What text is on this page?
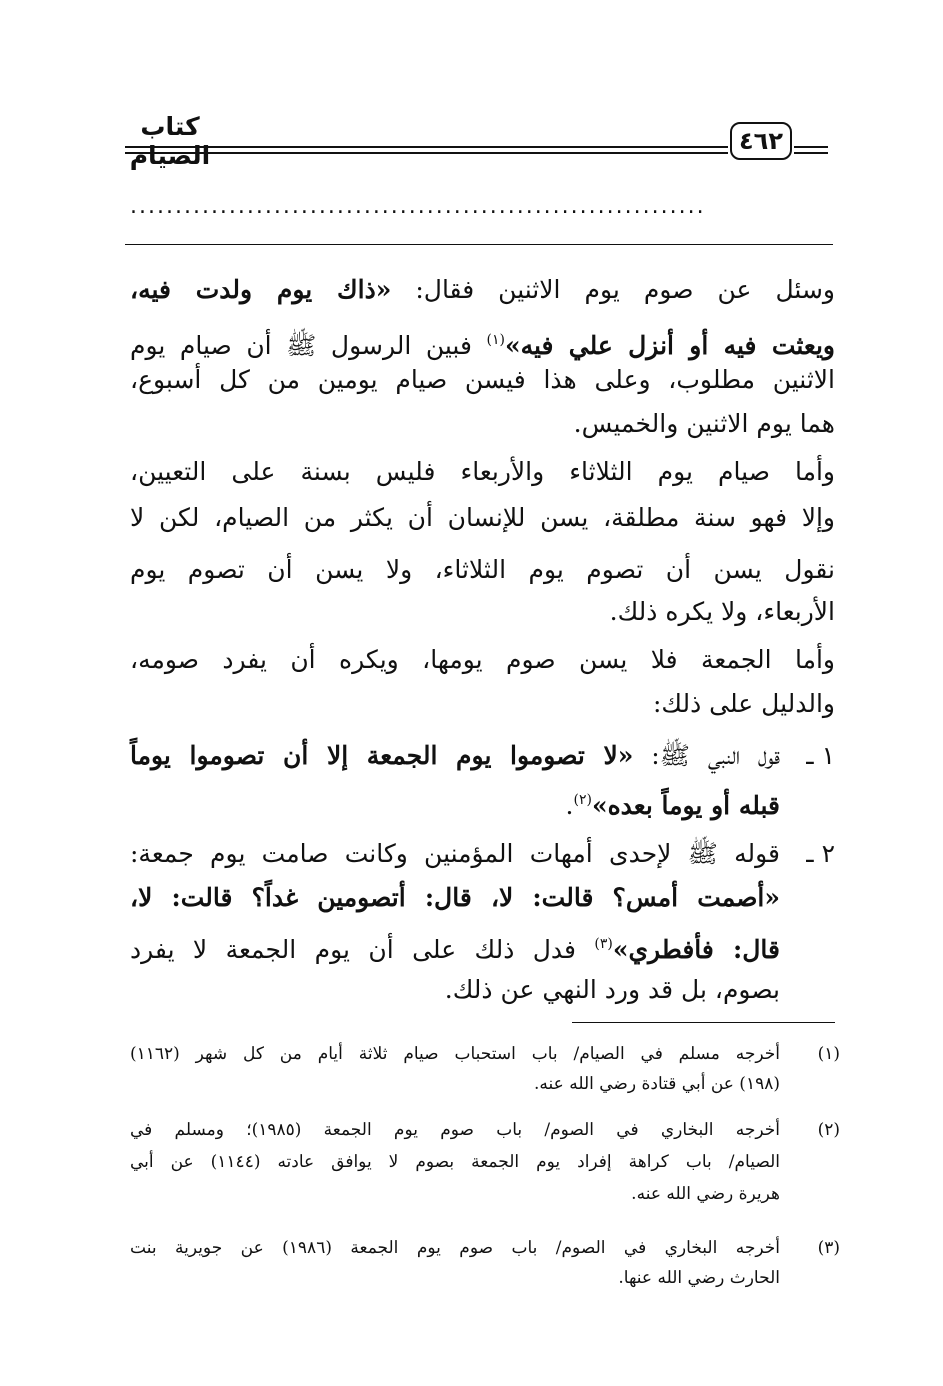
كتاب الصيام	٤٦٢
................................................................
وسئل عن صوم يوم الاثنين فقال: «ذاك يوم ولدت فيه،
ويعثت فيه أو أنزل علي فيه»$^{(١)}$ فبين الرسول ﷺ أن صيام يوم
الاثنين مطلوب، وعلى هذا فيسن صيام يومين من كل أسبوع،
هما يوم الاثنين والخميس.
وأما صيام يوم الثلاثاء والأربعاء فليس بسنة على التعيين،
وإلا فهو سنة مطلقة، يسن للإنسان أن يكثر من الصيام، لكن لا
نقول يسن أن تصوم يوم الثلاثاء، ولا يسن أن تصوم يوم
الأربعاء، ولا يكره ذلك.
وأما الجمعة فلا يسن صوم يومها، ويكره أن يفرد صومه،
والدليل على ذلك:
١ ـ
قول النبي ﷺ: «لا تصوموا يوم الجمعة إلا أن تصوموا يوماً
قبله أو يوماً بعده»$^{(٢)}$.
٢ ـ
قوله ﷺ لإحدى أمهات المؤمنين وكانت صامت يوم جمعة:
«أصمت أمس؟ قالت: لا، قال: أتصومين غداً؟ قالت: لا،
قال: فأفطري»$^{(٣)}$ فدل ذلك على أن يوم الجمعة لا يفرد
بصوم، بل قد ورد النهي عن ذلك.
(١)
أخرجه مسلم في الصيام/ باب استحباب صيام ثلاثة أيام من كل شهر (١١٦٢)
(١٩٨) عن أبي قتادة رضي الله عنه.
(٢)
أخرجه البخاري في الصوم/ باب صوم يوم الجمعة (١٩٨٥)؛ ومسلم في
الصيام/ باب كراهة إفراد يوم الجمعة بصوم لا يوافق عادته (١١٤٤) عن أبي
هريرة رضي الله عنه.
(٣)
أخرجه البخاري في الصوم/ باب صوم يوم الجمعة (١٩٨٦) عن جويرية بنت
الحارث رضي الله عنها.
